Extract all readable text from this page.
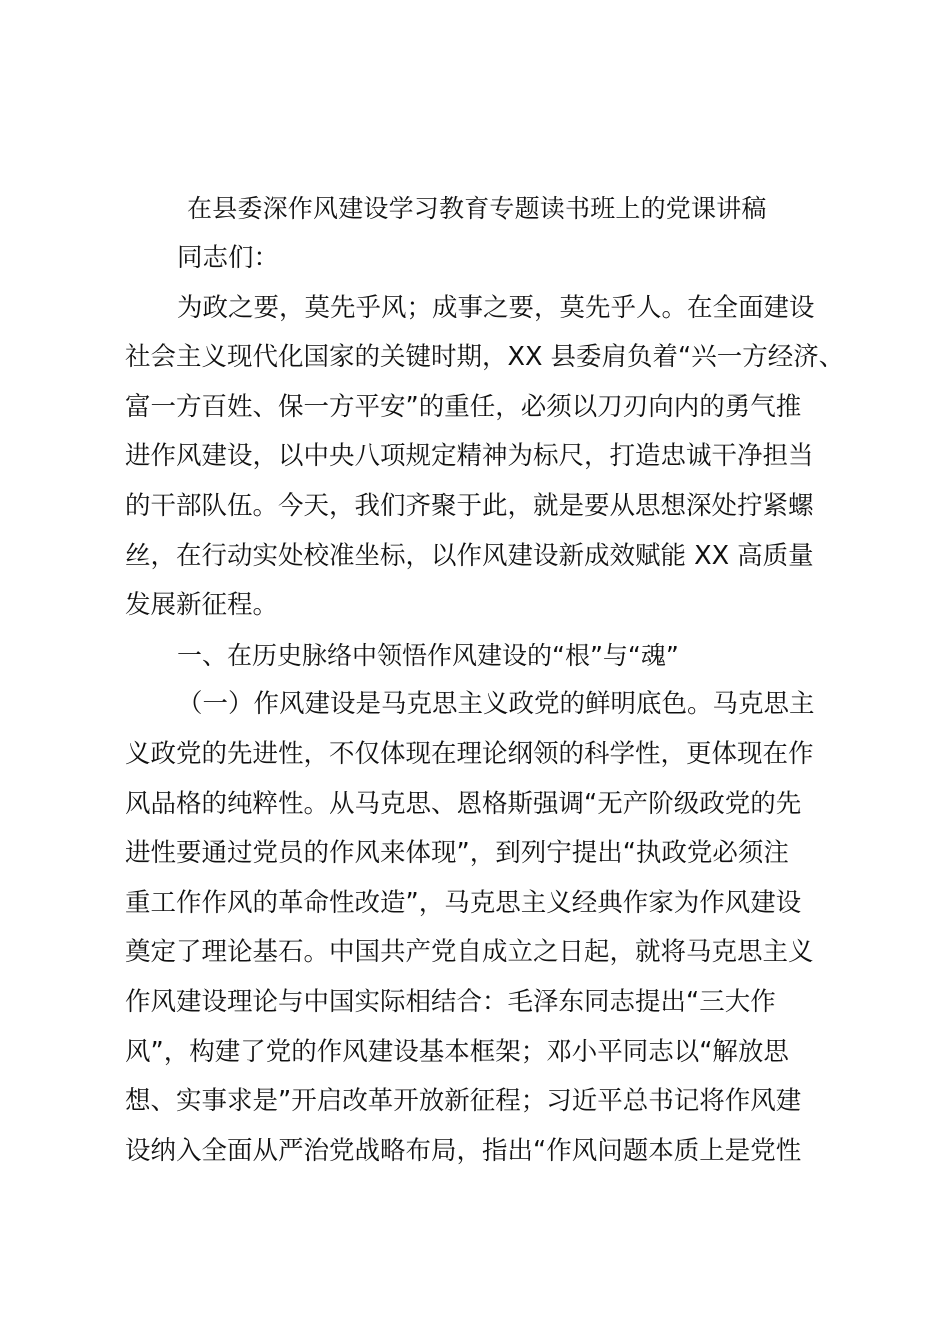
在县委深作风建设学习教育专题读书班上的党课讲稿
同志们：
为政之要，莫先乎风；成事之要，莫先乎人。在全面建设
社会主义现代化国家的关键时期，XX 县委肩负着“兴一方经济、
富一方百姓、保一方平安”的重任，必须以刀刃向内的勇气推
进作风建设，以中央八项规定精神为标尺，打造忠诚干净担当
的干部队伍。今天，我们齐聚于此，就是要从思想深处拧紧螺
丝，在行动实处校准坐标，以作风建设新成效赋能 XX 高质量
发展新征程。
一、在历史脉络中领悟作风建设的“根”与“魂”
（一）作风建设是马克思主义政党的鲜明底色。马克思主
义政党的先进性，不仅体现在理论纲领的科学性，更体现在作
风品格的纯粹性。从马克思、恩格斯强调“无产阶级政党的先
进性要通过党员的作风来体现”，到列宁提出“执政党必须注
重工作作风的革命性改造”，马克思主义经典作家为作风建设
奠定了理论基石。中国共产党自成立之日起，就将马克思主义
作风建设理论与中国实际相结合：毛泽东同志提出“三大作
风”，构建了党的作风建设基本框架；邓小平同志以“解放思
想、实事求是”开启改革开放新征程；习近平总书记将作风建
设纳入全面从严治党战略布局，指出“作风问题本质上是党性
